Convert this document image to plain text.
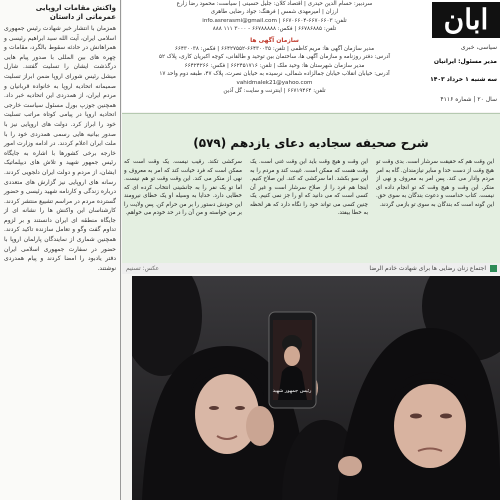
واکنش مقامات اروپایی
عمرمانی از داستان
همزمان با انتشار خبر شهادت رئیس جمهوری اسلامی ایران، آیت الله سید ابراهیم رئیسی و همراهانش در حادثه سقوط بالگرد، مقامات و چهره های بین المللی با صدور پیام هایی درگذشت ایشان را تسلیت گفتند. شارل میشل رئیس شورای اروپا ضمن ابراز تسلیت صمیمانه اتحادیه اروپا به خانواده قربانیان و مردم ایران، از همدردی این اتحادیه خبر داد. همچنین جوزپ بورل مسئول سیاست خارجی اتحادیه اروپا در پیامی کوتاه مراتب تسلیت خود را ابراز کرد. دولت های اروپایی نیز با صدور بیانیه هایی رسمی همدردی خود را با ملت ایران اعلام کردند. در ادامه وزارت امور خارجه برخی کشورها با اشاره به جایگاه رئیس جمهور شهید و تلاش های دیپلماتیک ایشان، از مردم و دولت ایران دلجویی کردند. رسانه های اروپایی نیز گزارش های متعددی درباره زندگی و کارنامه شهید رئیسی و حضور گسترده مردم در مراسم تشییع منتشر کردند. کارشناسان این واکنش ها را نشانه ای از جایگاه منطقه ای ایران دانستند و بر لزوم تداوم گفت وگو و تعامل سازنده تاکید کردند. همچنین شماری از نمایندگان پارلمان اروپا با حضور در سفارت جمهوری اسلامی ایران دفتر یادبود را امضا کردند و پیام همدردی نوشتند.
سردبیر: حسام الدین حیدری | اقتصاد کلان: جلیل حسینی | سیاست: محمود رضا زارع
ارزان | امیرمهدی شمس | فرهنگ: جواد رضایی طاهری
تلفن: ۶۶۷۰۶۶۰۳-۶۶۷۰۶۶۰۴ | info.asrerasmi@gmail.com
تلفن: ۶۶۷۸۶۸۸۵ | فکس: ۶۶۷۸۸۸۸۸ - ۳۰۰۰ ۱۱۱ ۸۸۸
سازمان آگهی ها
مدیر سازمان آگهی ها: مریم کاظمی | تلفن: ۶۶۴۳۰۰۳۵-۶۶۴۲۷۵۵۲ | فکس: ۶۶۴۳۰۰۳۸
آدرس: دفتر روزنامه و سازمان آگهی ها، ساختمان بین توحید و طالقانی، کوچه اکبریان کاری، پلاک ۵۲
مدیر سازمان شهرستان ها: وحید ملک | تلفن: ۶۶۲۴۵۱۷۱۶ | فکس: ۶۶۴۲۴۲۶۶
آدرس: خیابان انقلاب خیابان جمالزاده شمالی، نرسیده به خیابان نصرت، پلاک ۴۷، طبقه دوم واحد ۱۷
vahidmalek21@yahoo.com
تلفن: ۶۶۷۱۹۴۶۴ | اینترنت و سایت: گل آذین
ابان
سیاسی، خبری
مدیر مسئول: ایرانیان
سه شنبه ۱ خرداد ۱۴۰۳
سال ۲۰ | شماره ۴۱۱۶
شرح صحیفه سجادیه دعای یازدهم (۵۷۹)
سرکشی تکند. رقیب نیست. یک وقت است که ممکن است که فرد خیانت کند که امر به معروف و نهی از منکر می کند. این وقت وقت تو هم نیست. اما تو یک نفر را به جانشینی انتخاب کرده ای که خطایی دارد. خدایا به وسیله او یک خطای نیرومند این خودش دستور را بر من حرام کن. پس ولایت را بر من خواسته و من آن را در حد خودم می خواهم.
این وقت و هیچ وقت باید این وقت غنی است. یک وقت هست که ممکن است. غیبت کند و مردم را به این سو بکشد. اما سرکشی که کند. این صلاح کنیم. اینجا هم فرد را از صلاح سرشار است و غیر آن کسی است که می دانید که او را جز نمی کنیم. یک چنین کسی می تواند خود را نگاه دارد که هر لحظه به خطا بیفتد.
این وقت هم که حقیقت سرشار است. بدی وقت تو هیچ وقت از دست خدا و سایر نیازمندان. گاه به امر مردم وادار می کند. پس امر به معروف و نهی از منکر. این وقت و هیچ وقت که تو انجام داده ای نیست. کتاب خداست و دعوت بندگان به سوی حق. این گونه است که بندگان به سوی تو بازمی گردند.
عکس: تسنیم	اجتماع زنان رضایی ها برای شهادت خادم الرضا
رئیس جمهور شهید
